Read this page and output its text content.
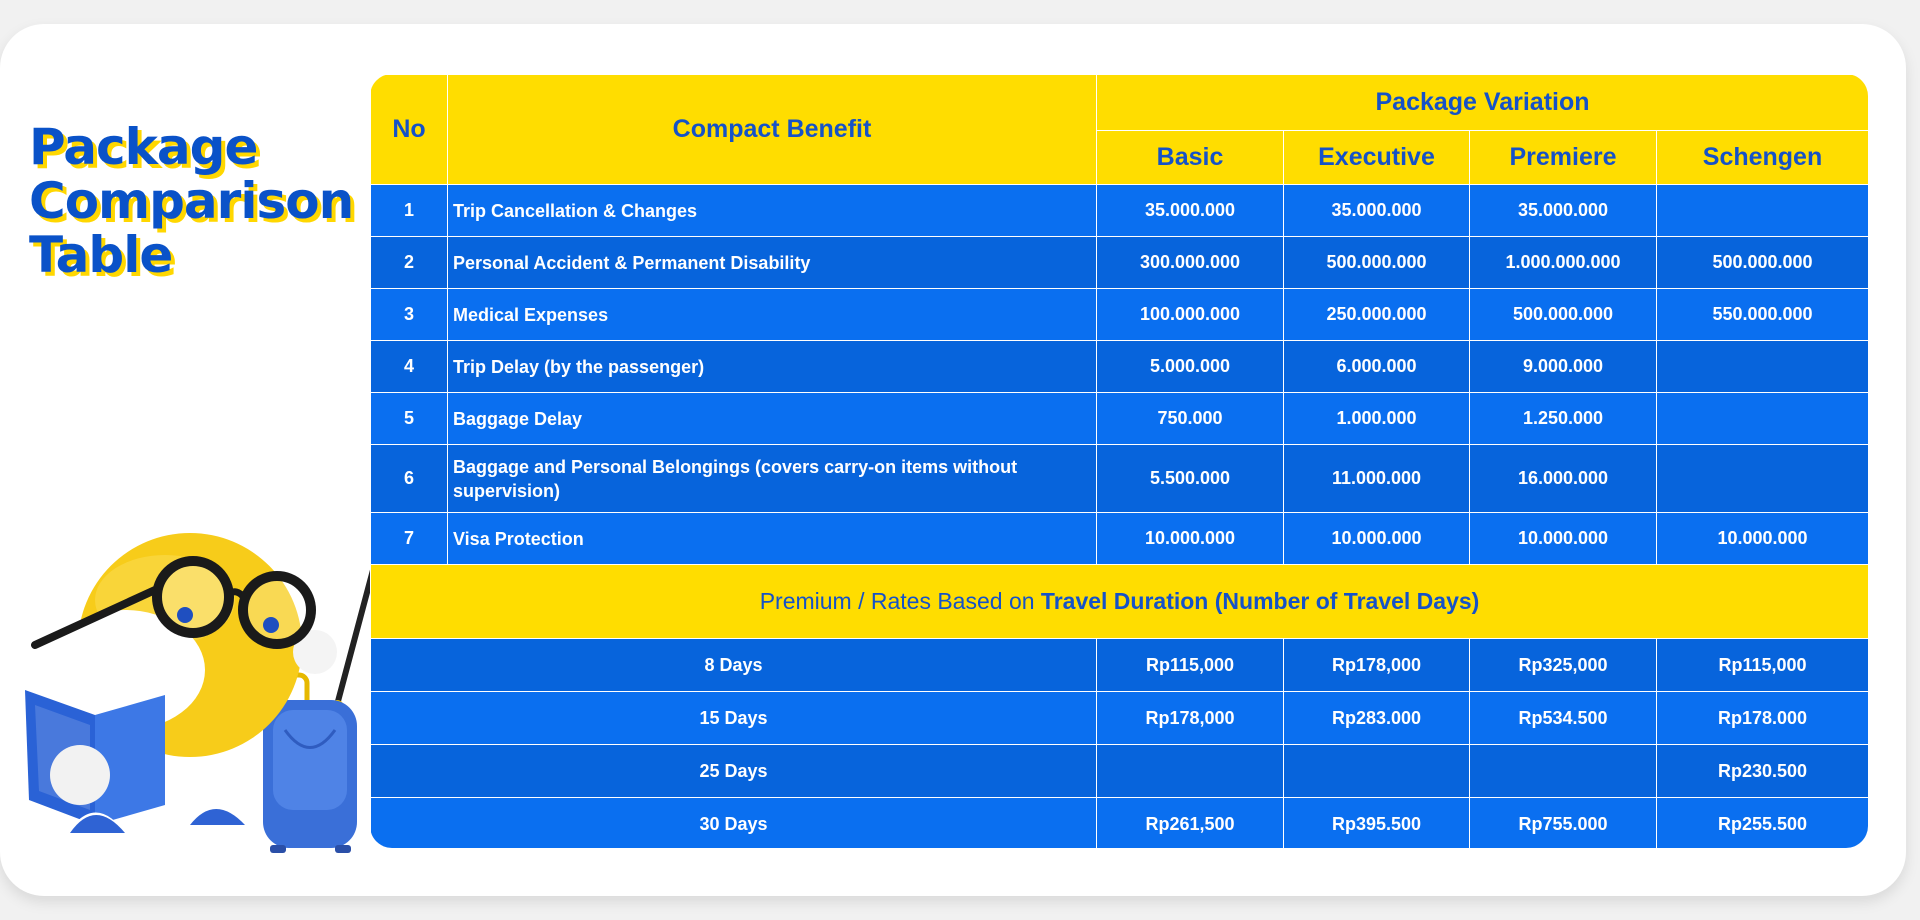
Package
Comparison
Table
No	Compact Benefit	Package Variation			
		Basic	Executive	Premiere	Schengen
1	Trip Cancellation & Changes	35.000.000	35.000.000	35.000.000	
2	Personal Accident & Permanent Disability	300.000.000	500.000.000	1.000.000.000	500.000.000
3	Medical Expenses	100.000.000	250.000.000	500.000.000	550.000.000
4	Trip Delay (by the passenger)	5.000.000	6.000.000	9.000.000	
5	Baggage Delay	750.000	1.000.000	1.250.000	
6	Baggage and Personal Belongings (covers carry-on items without supervision)	5.500.000	11.000.000	16.000.000	
7	Visa Protection	10.000.000	10.000.000	10.000.000	10.000.000
Premium / Rates Based on Travel Duration (Number of Travel Days)					
8 Days		Rp115,000	Rp178,000	Rp325,000	Rp115,000
15 Days		Rp178,000	Rp283.000	Rp534.500	Rp178.000
25 Days					Rp230.500
30 Days		Rp261,500	Rp395.500	Rp755.000	Rp255.500
